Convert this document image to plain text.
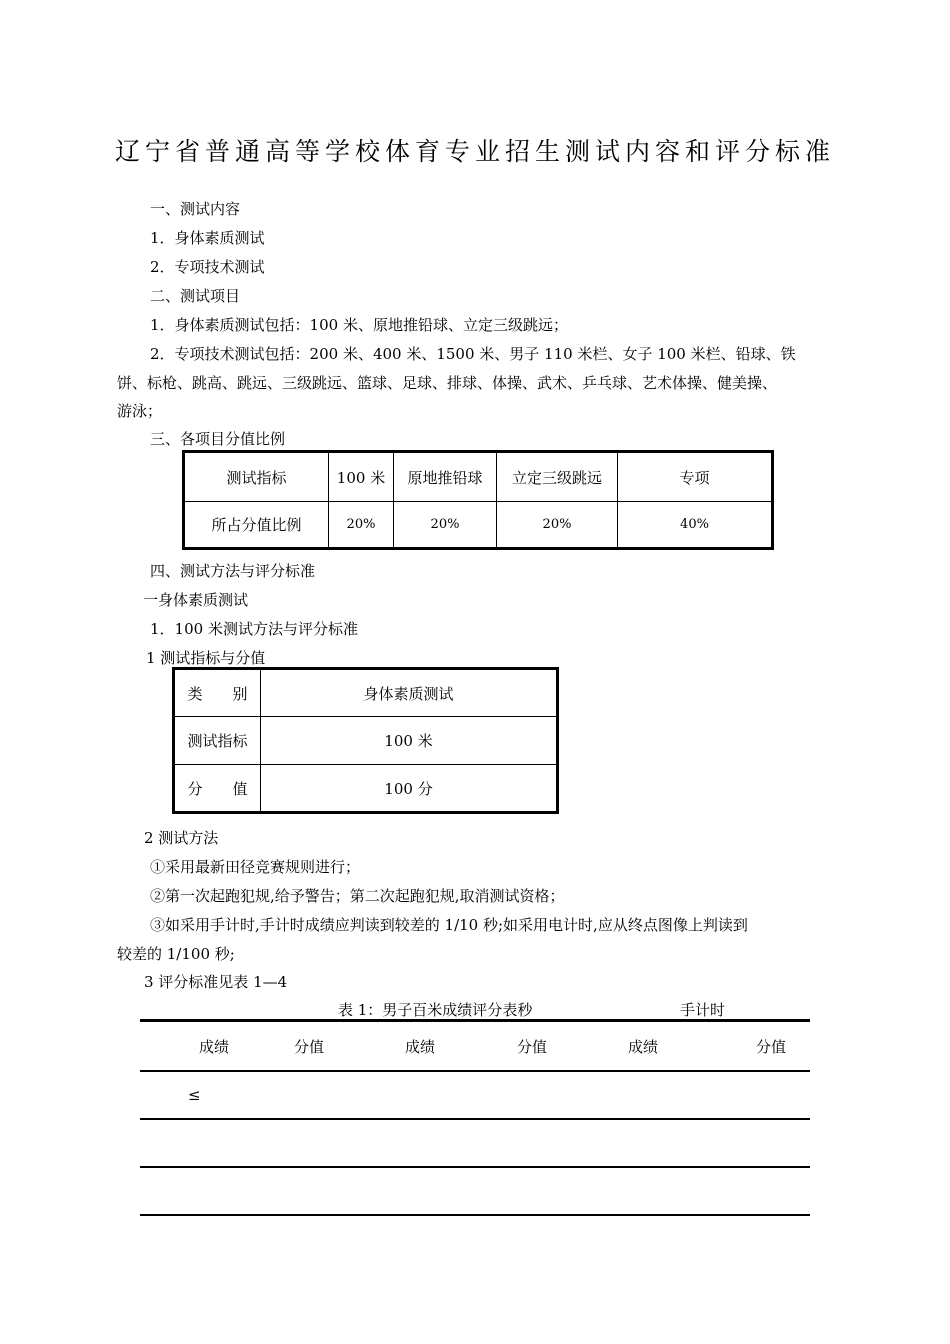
辽宁省普通高等学校体育专业招生测试内容和评分标准
一、测试内容
1．身体素质测试
2．专项技术测试
二、测试项目
1．身体素质测试包括：100 米、原地推铅球、立定三级跳远；
2．专项技术测试包括：200 米、400 米、1500 米、男子 110 米栏、女子 100 米栏、铅球、铁
饼、标枪、跳高、跳远、三级跳远、篮球、足球、排球、体操、武术、乒乓球、艺术体操、健美操、
游泳；
三、各项目分值比例
测试指标	100 米	原地推铅球	立定三级跳远	专项
所占分值比例	20%	20%	20%	40%
四、测试方法与评分标准
一身体素质测试
1．100 米测试方法与评分标准
1 测试指标与分值
类　　别	身体素质测试
测试指标	100 米
分　　值	100 分
2 测试方法
①采用最新田径竞赛规则进行；
②第一次起跑犯规,给予警告；第二次起跑犯规,取消测试资格；
③如采用手计时,手计时成绩应判读到较差的 1/10 秒;如采用电计时,应从终点图像上判读到
较差的 1/100 秒;
3 评分标准见表 1—4
表 1：男子百米成绩评分表秒	手计时
成绩	分值	成绩	分值	成绩	分值
≤					
